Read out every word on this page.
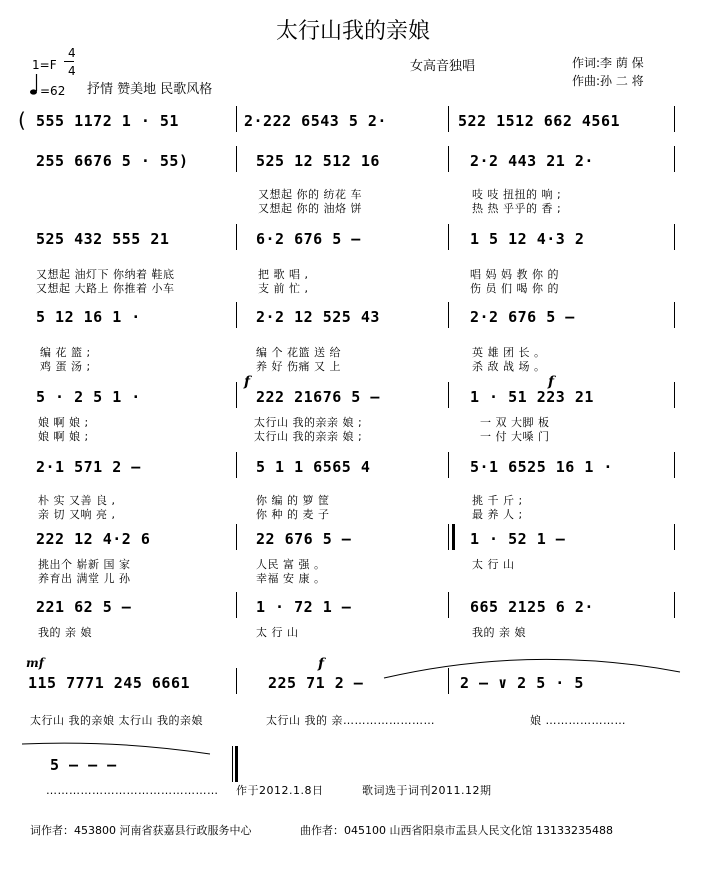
太行山我的亲娘
1=F
4
4
=62 抒情 赞美地 民歌风格
女高音独唱	作词:李 荫 保
作曲:孙 二 将
( 555 1172 1 · 51	2·222 6543 5 2·	522 1512 662 4561
255 6676 5 · 55)	525 12 512 16	2·2 443 21 2·
又想起 你的 纺花 车
又想起 你的 油烙 饼
吱 吱 扭扭的 响 ;
热 热 乎乎的 香 ;
525 432 555 21	6·2 676 5 —	1 5 12 4·3 2
又想起 油灯下 你纳着 鞋底
又想起 大路上 你推着 小车
把 歌 唱 ,
支 前 忙 ,
唱 妈 妈 教 你 的
伤 员 们 喝 你 的
5 12 16 1 ·	2·2 12 525 43	2·2 676 5 —
编 花 篮 ;
鸡 蛋 汤 ;
编 个 花篮 送 给
养 好 伤痛 又 上
英 雄 团 长 。
杀 敌 战 场 。
f	f
5 · 2 5 1 ·	222 21676 5 —	1 · 51 223 21
娘 啊 娘 ;
娘 啊 娘 ;
太行山 我的亲亲 娘 ;
太行山 我的亲亲 娘 ;
一 双 大脚 板
一 付 大嗓 门
2·1 571 2 —	5 1 1 6565 4	5·1 6525 16 1 ·
朴 实 又善 良 ,
亲 切 又响 亮 ,
你 编 的 箩 筐
你 种 的 麦 子
挑 千 斤 ;
最 养 人 ;
222 12 4·2 6	22 676 5 —	1 · 52 1 —
挑出个 崭新 国 家
养育出 满堂 儿 孙
人民 富 强 。
幸福 安 康 。
太 行 山
221 62 5 —	1 · 72 1 —	665 2125 6 2·
我的 亲 娘	太 行 山	我的 亲 娘
mf	f
115 7771 245 6661	225 71 2 —	2 — ∨ 2 5 · 5
太行山 我的亲娘 太行山 我的亲娘	太行山 我的 亲……………………	娘 …………………
5 — — —
……………………………………… 作于2012.1.8日	歌词选于词刊2011.12期
词作者：453800 河南省获嘉县行政服务中心	曲作者：045100 山西省阳泉市盂县人民文化馆 13133235488
